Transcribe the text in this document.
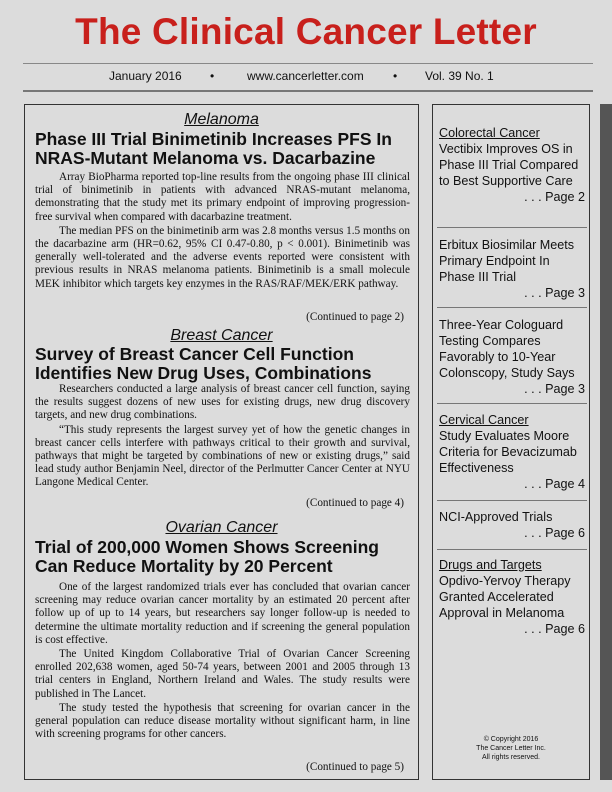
The Clinical Cancer Letter
January 2016 •	www.cancerletter.com • Vol. 39 No. 1
Melanoma
Phase III Trial Binimetinib Increases PFS In NRAS-Mutant Melanoma vs. Dacarbazine

Array BioPharma reported top-line results from the ongoing phase III clinical trial of binimetinib in patients with advanced NRAS-mutant melanoma, demonstrating that the study met its primary endpoint of improving progression-free survival when compared with dacarbazine treatment.

The median PFS on the binimetinib arm was 2.8 months versus 1.5 months on the dacarbazine arm (HR=0.62, 95% CI 0.47-0.80, p < 0.001). Binimetinib was generally well-tolerated and the adverse events reported were consistent with previous results in NRAS melanoma patients. Binimetinib is a small molecule MEK inhibitor which targets key enzymes in the RAS/RAF/MEK/ERK pathway.

(Continued to page 2)
Breast Cancer
Survey of Breast Cancer Cell Function Identifies New Drug Uses, Combinations

Researchers conducted a large analysis of breast cancer cell function, saying the results suggest dozens of new uses for existing drugs, new drug discovery targets, and new drug combinations.

“This study represents the largest survey yet of how the genetic changes in breast cancer cells interfere with pathways critical to their growth and survival, pathways that might be targeted by combinations of new or existing drugs,” said lead study author Benjamin Neel, director of the Perlmutter Cancer Center at NYU Langone Medical Center.

(Continued to page 4)
Ovarian Cancer
Trial of 200,000 Women Shows Screening Can Reduce Mortality by 20 Percent

One of the largest randomized trials ever has concluded that ovarian cancer screening may reduce ovarian cancer mortality by an estimated 20 percent after follow up of up to 14 years, but researchers say longer follow-up is needed to determine the ultimate mortality reduction and if screening the general population is cost effective.

The United Kingdom Collaborative Trial of Ovarian Cancer Screening enrolled 202,638 women, aged 50-74 years, between 2001 and 2005 through 13 trial centers in England, Northern Ireland and Wales. The study results were published in The Lancet.

The study tested the hypothesis that screening for ovarian cancer in the general population can reduce disease mortality without significant harm, in line with screening programs for other cancers.

(Continued to page 5)
Colorectal Cancer
Vectibix Improves OS in Phase III Trial Compared to Best Supportive Care
. . . Page 2
Erbitux Biosimilar Meets Primary Endpoint In Phase III Trial
. . . Page 3
Three-Year Cologuard Testing Compares Favorably to 10-Year Colonscopy, Study Says
. . . Page 3
Cervical Cancer
Study Evaluates Moore Criteria for Bevacizumab Effectiveness
. . . Page 4
NCI-Approved Trials
. . . Page 6
Drugs and Targets
Opdivo-Yervoy Therapy Granted Accelerated Approval in Melanoma
. . . Page 6
© Copyright 2016
The Cancer Letter Inc.
All rights reserved.
